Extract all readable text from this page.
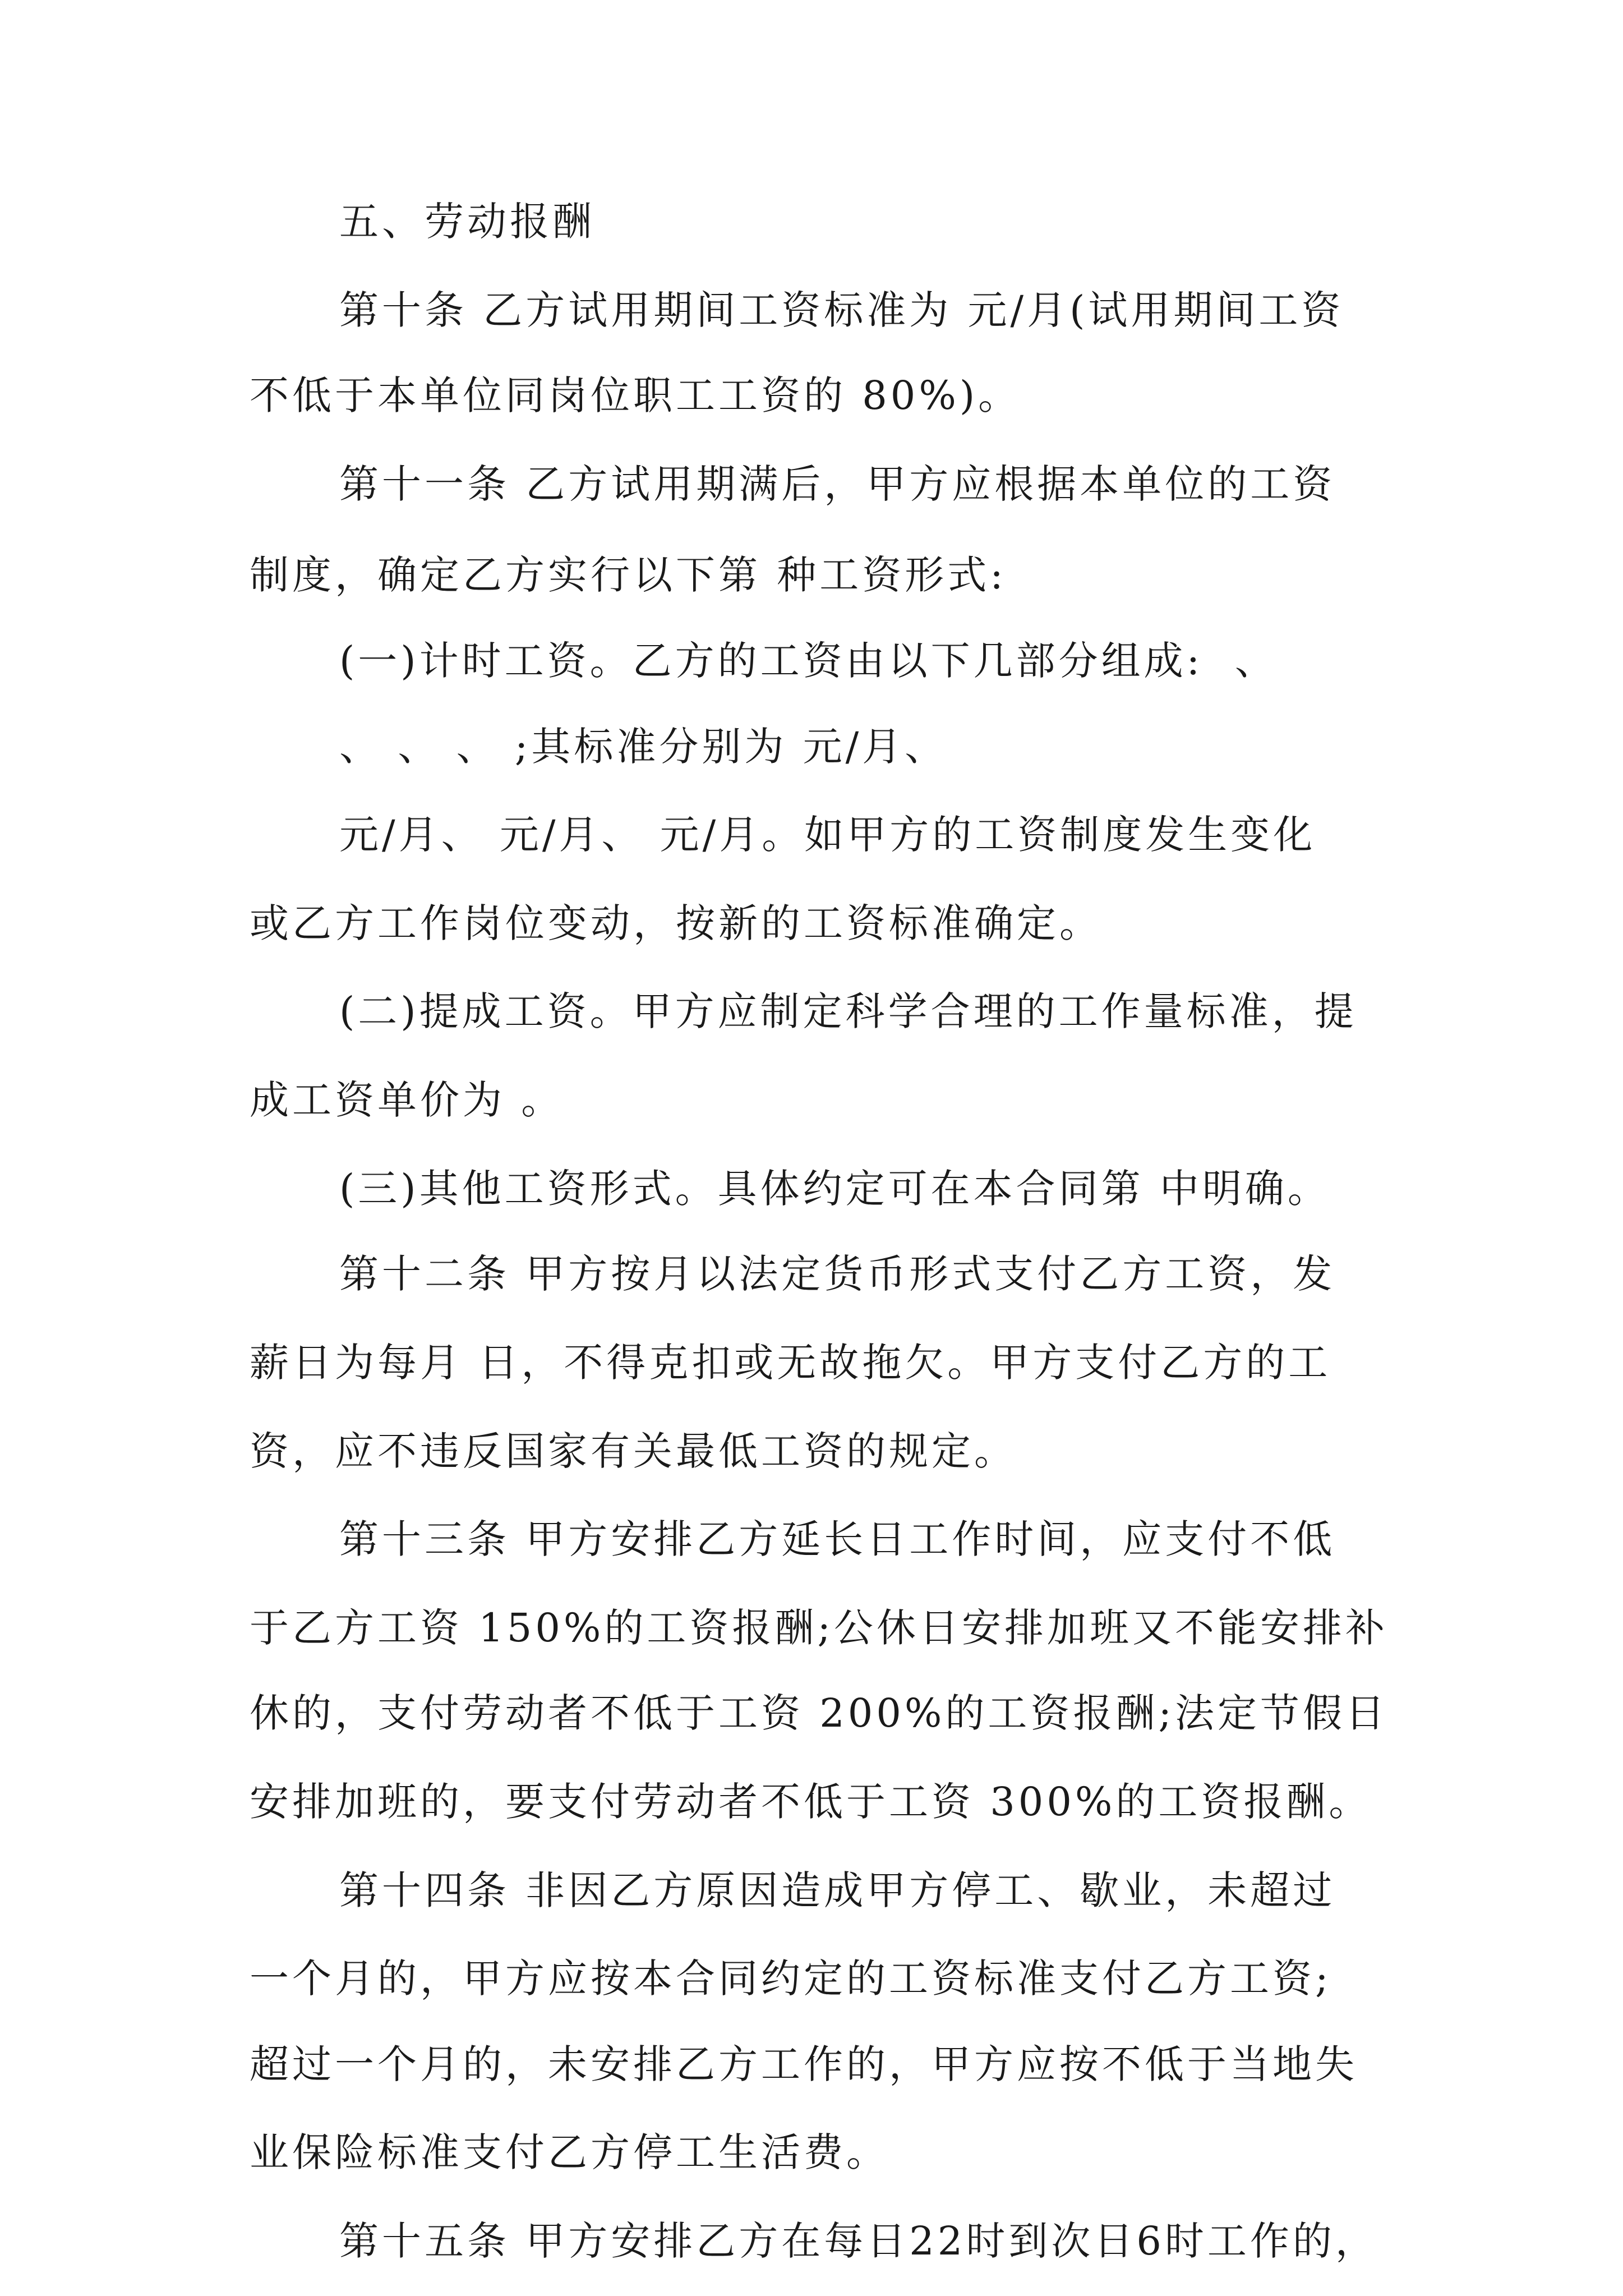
五、劳动报酬

第十条 乙方试用期间工资标准为 元/月(试用期间工资

不低于本单位同岗位职工工资的 80%)。

第十一条 乙方试用期满后，甲方应根据本单位的工资

制度，确定乙方实行以下第 种工资形式:

(一)计时工资。乙方的工资由以下几部分组成:  、

、 、 、 ;其标准分别为 元/月、

元/月、 元/月、 元/月。如甲方的工资制度发生变化

或乙方工作岗位变动，按新的工资标准确定。

(二)提成工资。甲方应制定科学合理的工作量标准，提

成工资单价为 。

(三)其他工资形式。具体约定可在本合同第 中明确。

第十二条 甲方按月以法定货币形式支付乙方工资，发

薪日为每月 日，不得克扣或无故拖欠。甲方支付乙方的工

资，应不违反国家有关最低工资的规定。

第十三条 甲方安排乙方延长日工作时间，应支付不低

于乙方工资 150%的工资报酬;公休日安排加班又不能安排补

休的，支付劳动者不低于工资 200%的工资报酬;法定节假日

安排加班的，要支付劳动者不低于工资 300%的工资报酬。

第十四条 非因乙方原因造成甲方停工、歇业，未超过

一个月的，甲方应按本合同约定的工资标准支付乙方工资;

超过一个月的，未安排乙方工作的，甲方应按不低于当地失

业保险标准支付乙方停工生活费。

第十五条 甲方安排乙方在每日22时到次日6时工作的，
